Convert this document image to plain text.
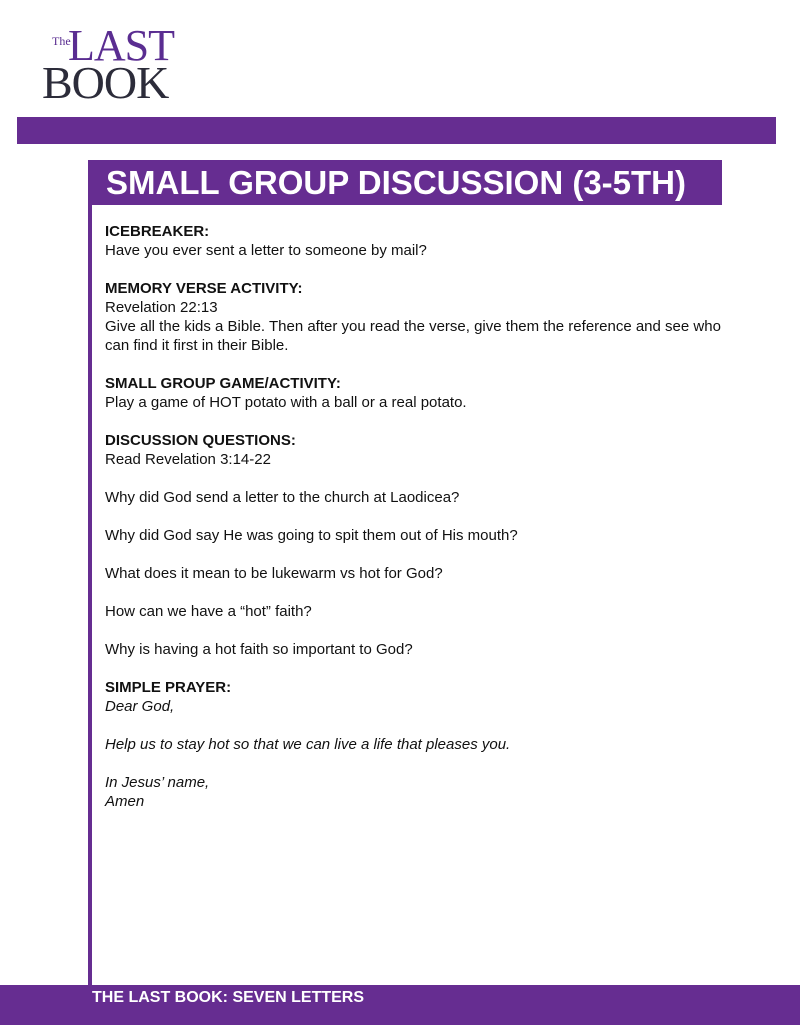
The
LAST
BOOK
SMALL GROUP DISCUSSION (3-5TH)

ICEBREAKER:

Have you ever sent a letter to someone by mail?

MEMORY VERSE ACTIVITY:

Revelation 22:13

Give all the kids a Bible. Then after you read the verse, give them the reference and see who can find it first in their Bible.

SMALL GROUP GAME/ACTIVITY:

Play a game of HOT potato with a ball or a real potato.

DISCUSSION QUESTIONS:

Read Revelation 3:14-22

Why did God send a letter to the church at Laodicea?

Why did God say He was going to spit them out of His mouth?

What does it mean to be lukewarm vs hot for God?

How can we have a “hot” faith?

Why is having a hot faith so important to God?

SIMPLE PRAYER:

Dear God,

Help us to stay hot so that we can live a life that pleases you.

In Jesus’ name,

Amen

THE LAST BOOK: SEVEN LETTERS
